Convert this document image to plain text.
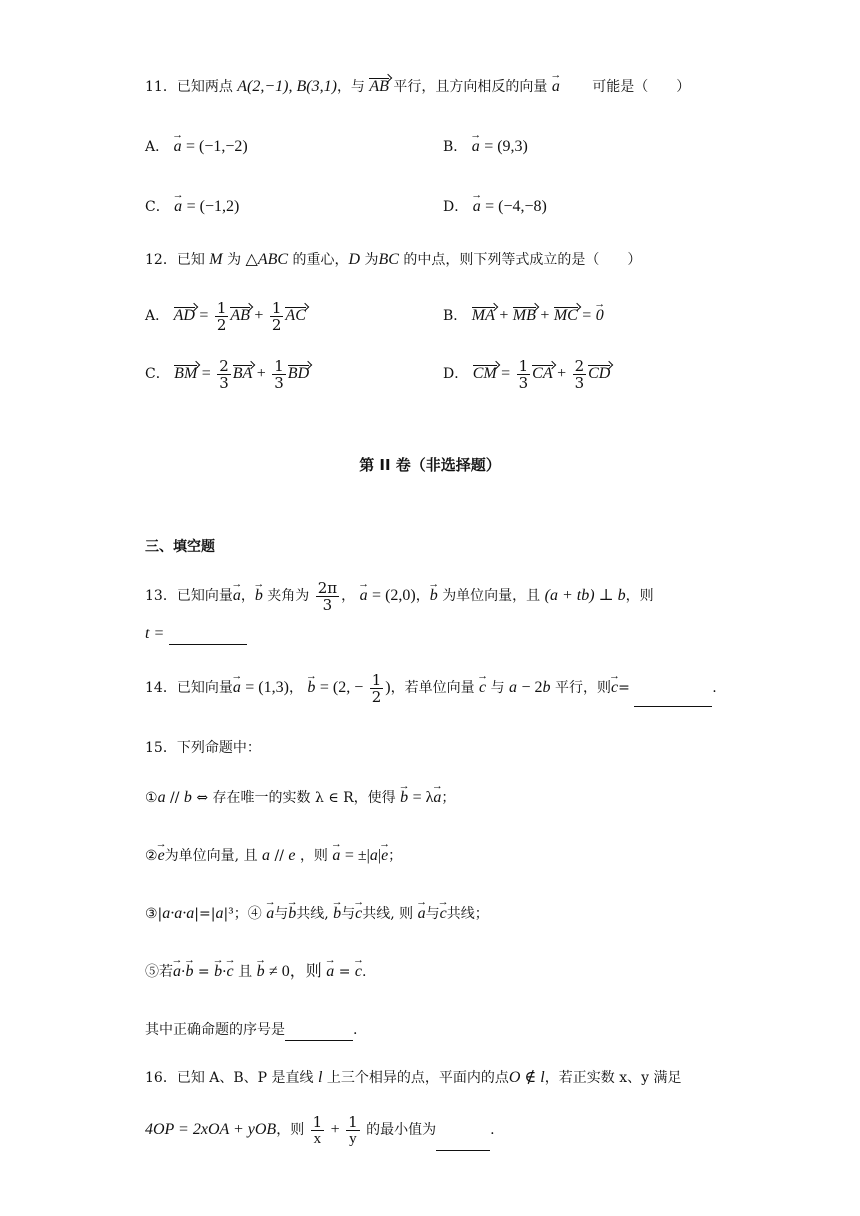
11．已知两点 A(2,−1), B(3,1)，与 AB 平行，且方向相反的向量 → a 可能是（　　）
A． → a = (−1,−2)	B． → a = (9,3)
C． → a = (−1,2)	D． → a = (−4,−8)
12．已知 M 为 △ABC 的重心，D 为BC 的中点，则下列等式成立的是（　　）
A． AD = $\frac{1}{2}$ AB + $\frac{1}{2}$ AC	B． MA + MB + MC = → 0
C． BM = $\frac{2}{3}$ BA + $\frac{1}{3}$ BD	D． CM = $\frac{1}{3}$ CA + $\frac{2}{3}$ CD
第 II 卷（非选择题）
三、填空题
13．已知向量→ a，→ b 夹角为 $\frac{2\pi}{3}$ ， → a = (2,0)，→ b 为单位向量，且 (a + tb) ⊥ b，则
t =
14．已知向量→ a = (1,3)， → b = (2, − $\frac{1}{2}$ )，若单位向量 → c 与 a − 2b 平行，则→ c=	.
15．下列命题中：
①a // b ⇔ 存在唯一的实数 λ ∈ R，使得 → b = λ→ a；
②→ e为单位向量, 且 a // e ，则 → a = ±|a|→ e；
③|a·a·a|=|a|³；④ → a与→ b共线, → b与→ c共线, 则 → a与→ c共线；
⑤若→ a·→ b = → b·→ c 且 → b ≠ 0，则 → a = → c.
其中正确命题的序号是	.
16．已知 A、B、P 是直线 l 上三个相异的点，平面内的点O ∉ l，若正实数 x、y 满足
4OP = 2xOA + yOB，则 $\frac{1}{x} + \frac{1}{y}$ 的最小值为	.
